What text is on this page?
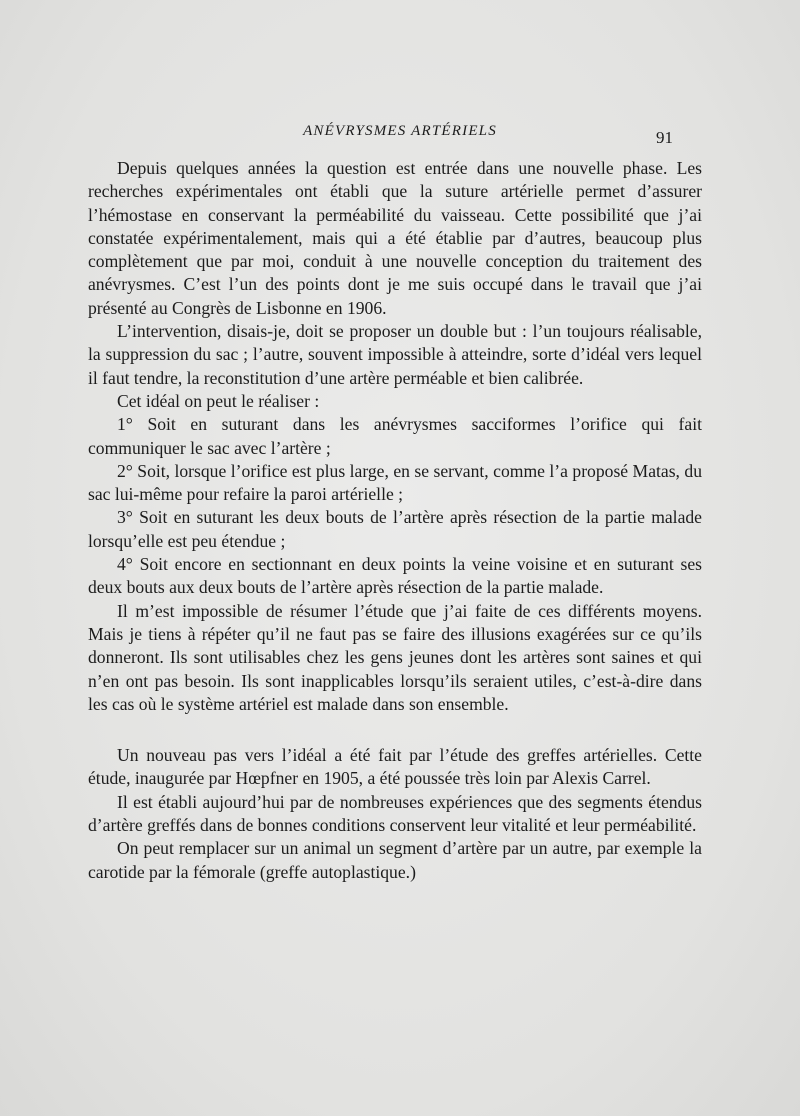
ANÉVRYSMES ARTÉRIELS	91

Depuis quelques années la question est entrée dans une nouvelle phase. Les recherches expérimentales ont établi que la suture artérielle permet d’assurer l’hémostase en conservant la perméabilité du vaisseau. Cette possibilité que j’ai constatée expérimentalement, mais qui a été établie par d’autres, beaucoup plus complètement que par moi, conduit à une nouvelle conception du traitement des anévrysmes. C’est l’un des points dont je me suis occupé dans le travail que j’ai présenté au Congrès de Lisbonne en 1906.

L’intervention, disais-je, doit se proposer un double but : l’un toujours réalisable, la suppression du sac ; l’autre, souvent impossible à atteindre, sorte d’idéal vers lequel il faut tendre, la reconstitution d’une artère perméable et bien calibrée.

Cet idéal on peut le réaliser :

1° Soit en suturant dans les anévrysmes sacciformes l’orifice qui fait communiquer le sac avec l’artère ;

2° Soit, lorsque l’orifice est plus large, en se servant, comme l’a proposé Matas, du sac lui-même pour refaire la paroi artérielle ;

3° Soit en suturant les deux bouts de l’artère après résection de la partie malade lorsqu’elle est peu étendue ;

4° Soit encore en sectionnant en deux points la veine voisine et en suturant ses deux bouts aux deux bouts de l’artère après résection de la partie malade.

Il m’est impossible de résumer l’étude que j’ai faite de ces différents moyens. Mais je tiens à répéter qu’il ne faut pas se faire des illusions exagérées sur ce qu’ils donneront. Ils sont utilisables chez les gens jeunes dont les artères sont saines et qui n’en ont pas besoin. Ils sont inapplicables lorsqu’ils seraient utiles, c’est-à-dire dans les cas où le système artériel est malade dans son ensemble.

Un nouveau pas vers l’idéal a été fait par l’étude des greffes artérielles. Cette étude, inaugurée par Hœpfner en 1905, a été poussée très loin par Alexis Carrel.

Il est établi aujourd’hui par de nombreuses expériences que des segments étendus d’artère greffés dans de bonnes conditions conservent leur vitalité et leur perméabilité.

On peut remplacer sur un animal un segment d’artère par un autre, par exemple la carotide par la fémorale (greffe autoplastique.)
